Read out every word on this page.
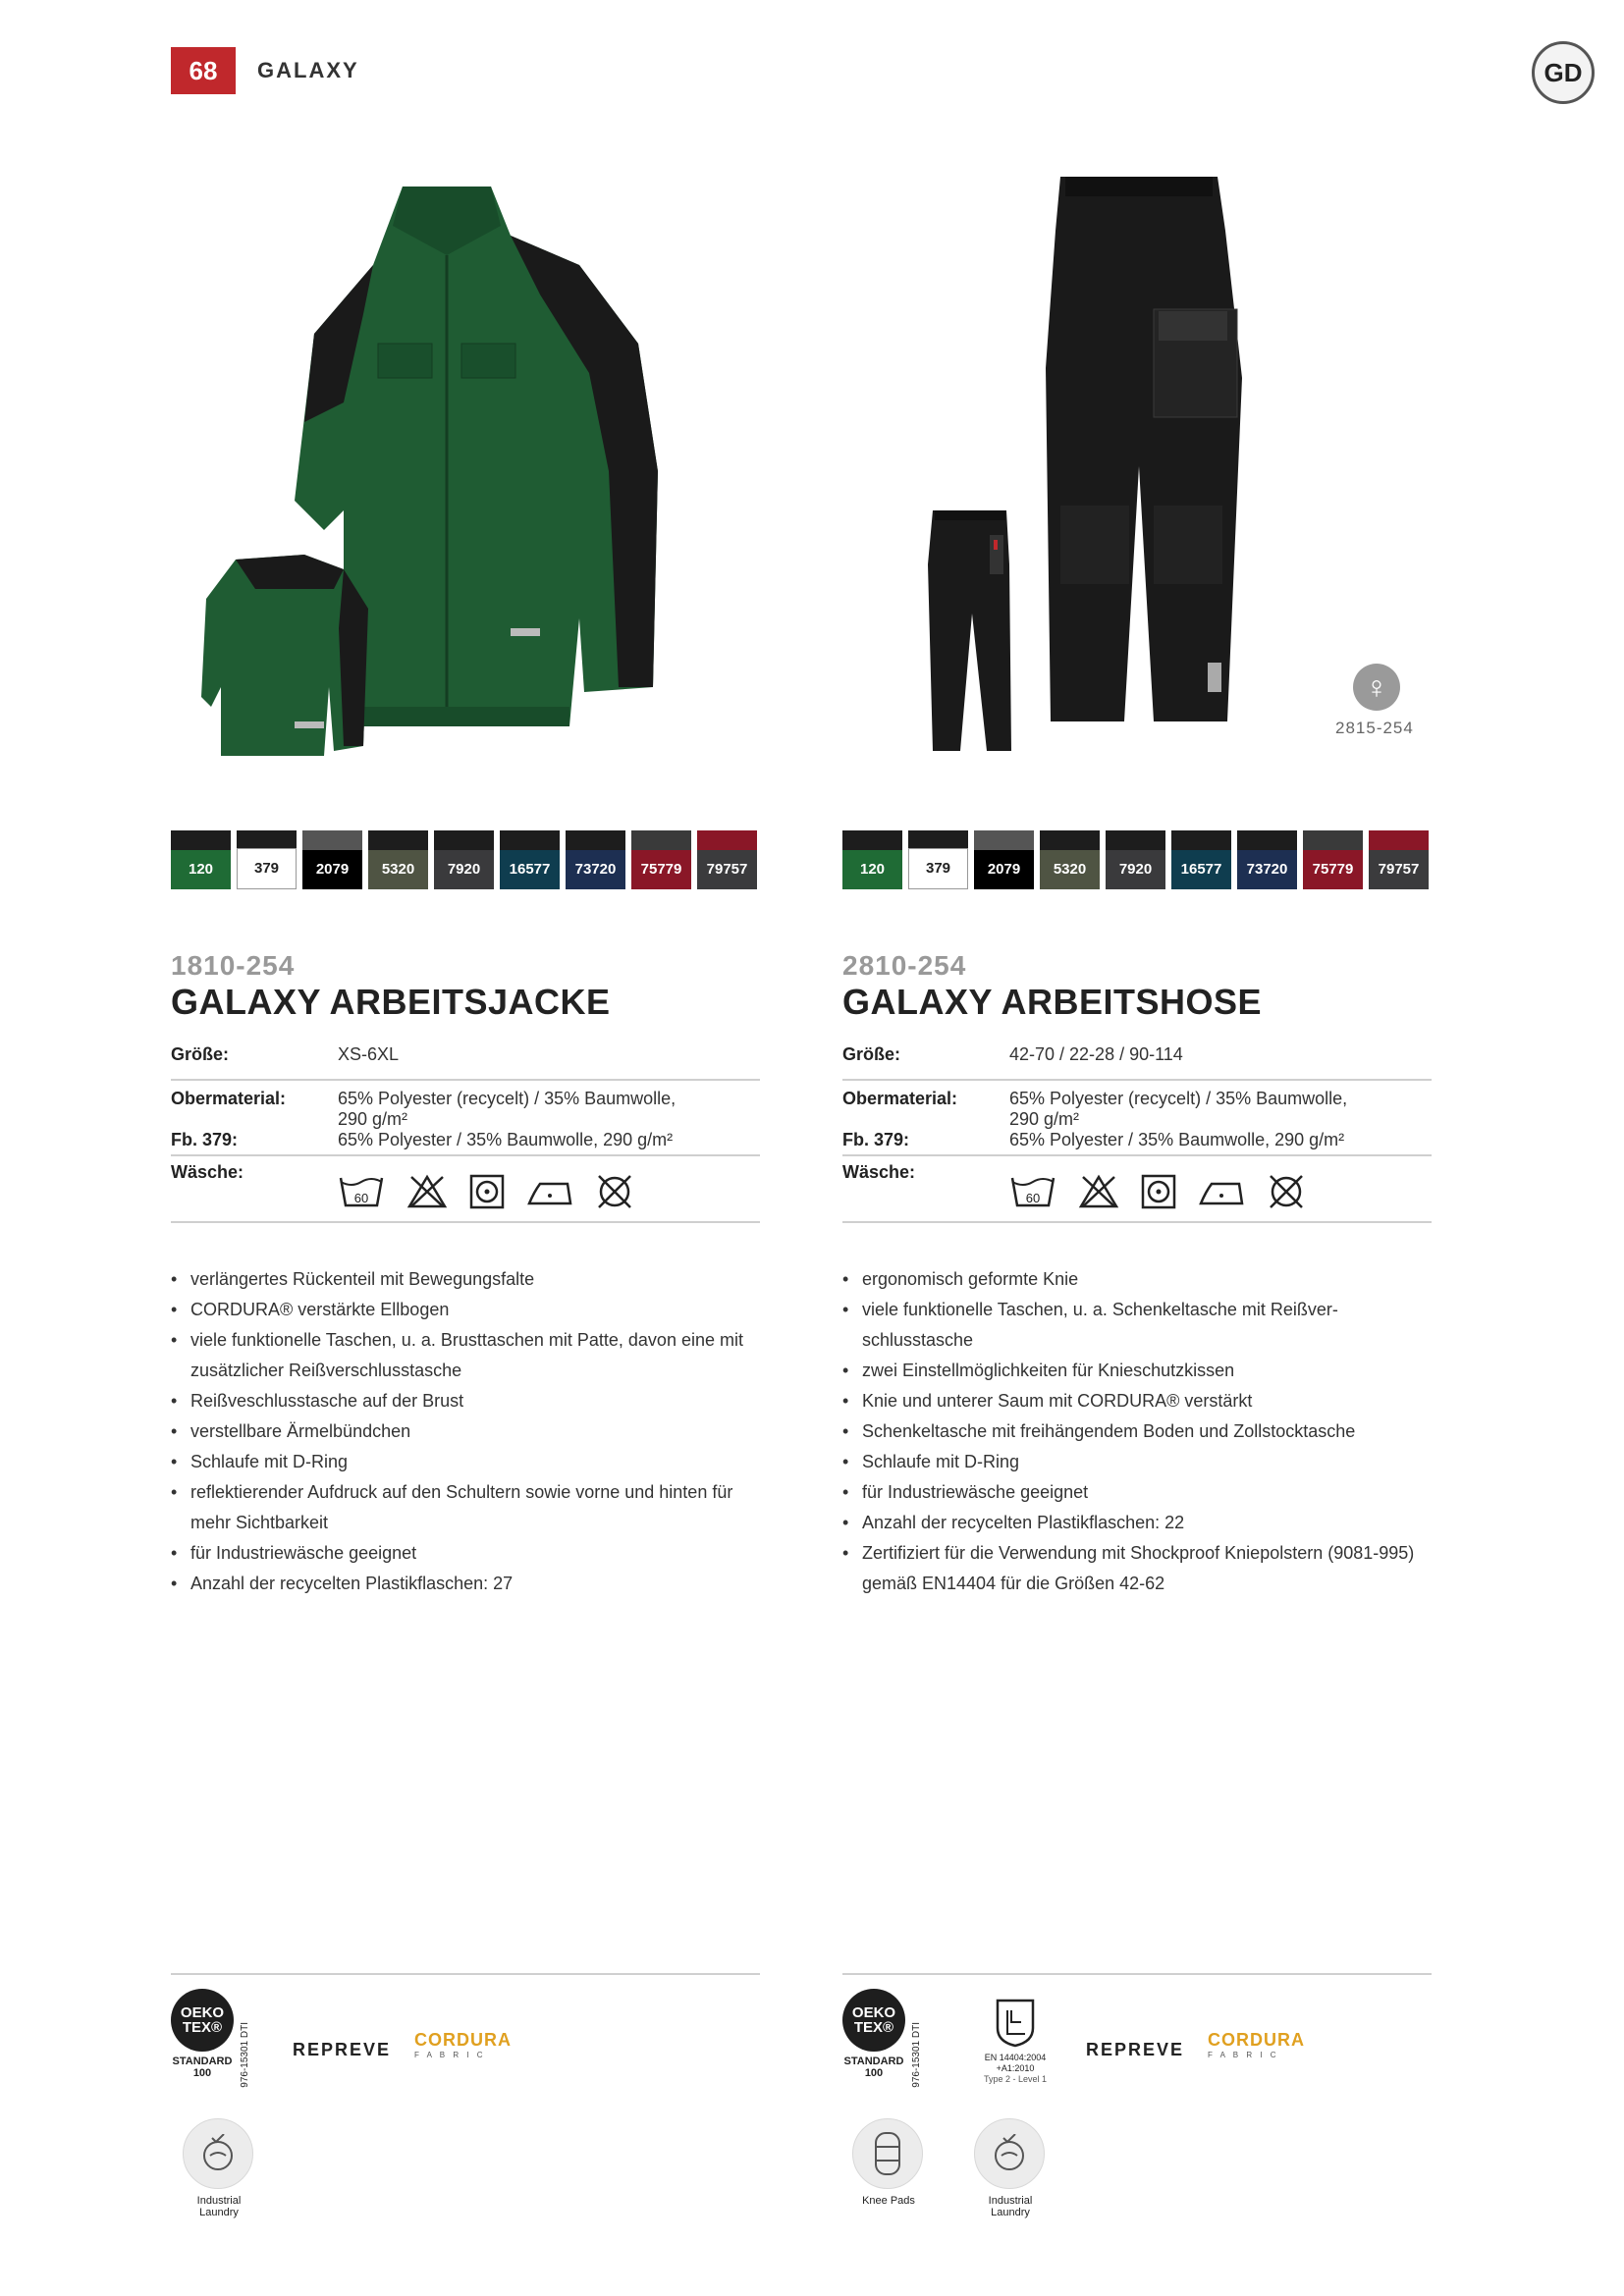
68	GALAXY	GD
♀
2815-254
120	379	2079	5320	7920	16577	73720	75779	79757	120	379	2079	5320	7920	16577	73720	75779	79757
1810-254
GALAXY ARBEITSJACKE
Größe:	XS-6XL

Obermaterial:	65% Polyester (recycelt) / 35% Baumwolle,
290 g/m²

Fb. 379:	65% Polyester / 35% Baumwolle, 290 g/m²

Wäsche:	60

• verlängertes Rückenteil mit Bewegungsfalte
• CORDURA® verstärkte Ellbogen
• viele funktionelle Taschen, u. a. Brusttaschen mit Patte, davon eine mit zusätzlicher Reißverschlusstasche
• Reißveschlusstasche auf der Brust
• verstellbare Ärmelbündchen
• Schlaufe mit D-Ring
• reflektierender Aufdruck auf den Schultern sowie vorne und hinten für mehr Sichtbarkeit
• für Industriewäsche geeignet
• Anzahl der recycelten Plastikflaschen: 27
2810-254
GALAXY ARBEITSHOSE
Größe:	42-70 / 22-28 / 90-114

Obermaterial:	65% Polyester (recycelt) / 35% Baumwolle,
290 g/m²

Fb. 379:	65% Polyester / 35% Baumwolle, 290 g/m²

Wäsche:	60

• ergonomisch geformte Knie
• viele funktionelle Taschen, u. a. Schenkeltasche mit Reißver-schlusstasche
• zwei Einstellmöglichkeiten für Knieschutzkissen
• Knie und unterer Saum mit CORDURA® verstärkt
• Schenkeltasche mit freihängendem Boden und Zollstocktasche
• Schlaufe mit D-Ring
• für Industriewäsche geeignet
• Anzahl der recycelten Plastikflaschen: 22
• Zertifiziert für die Verwendung mit Shockproof Kniepolstern (9081-995) gemäß EN14404 für die Größen 42-62
OEKO
TEX®
STANDARD
100	976-15301 DTI
REPREVE CORDURA
F A B R I C
Industrial
Laundry
OEKO
TEX®
STANDARD
100	976-15301 DTI
EN 14404:2004
+A1:2010
Type 2 - Level 1
REPREVE CORDURA
F A B R I C
Knee Pads	Industrial
Laundry
